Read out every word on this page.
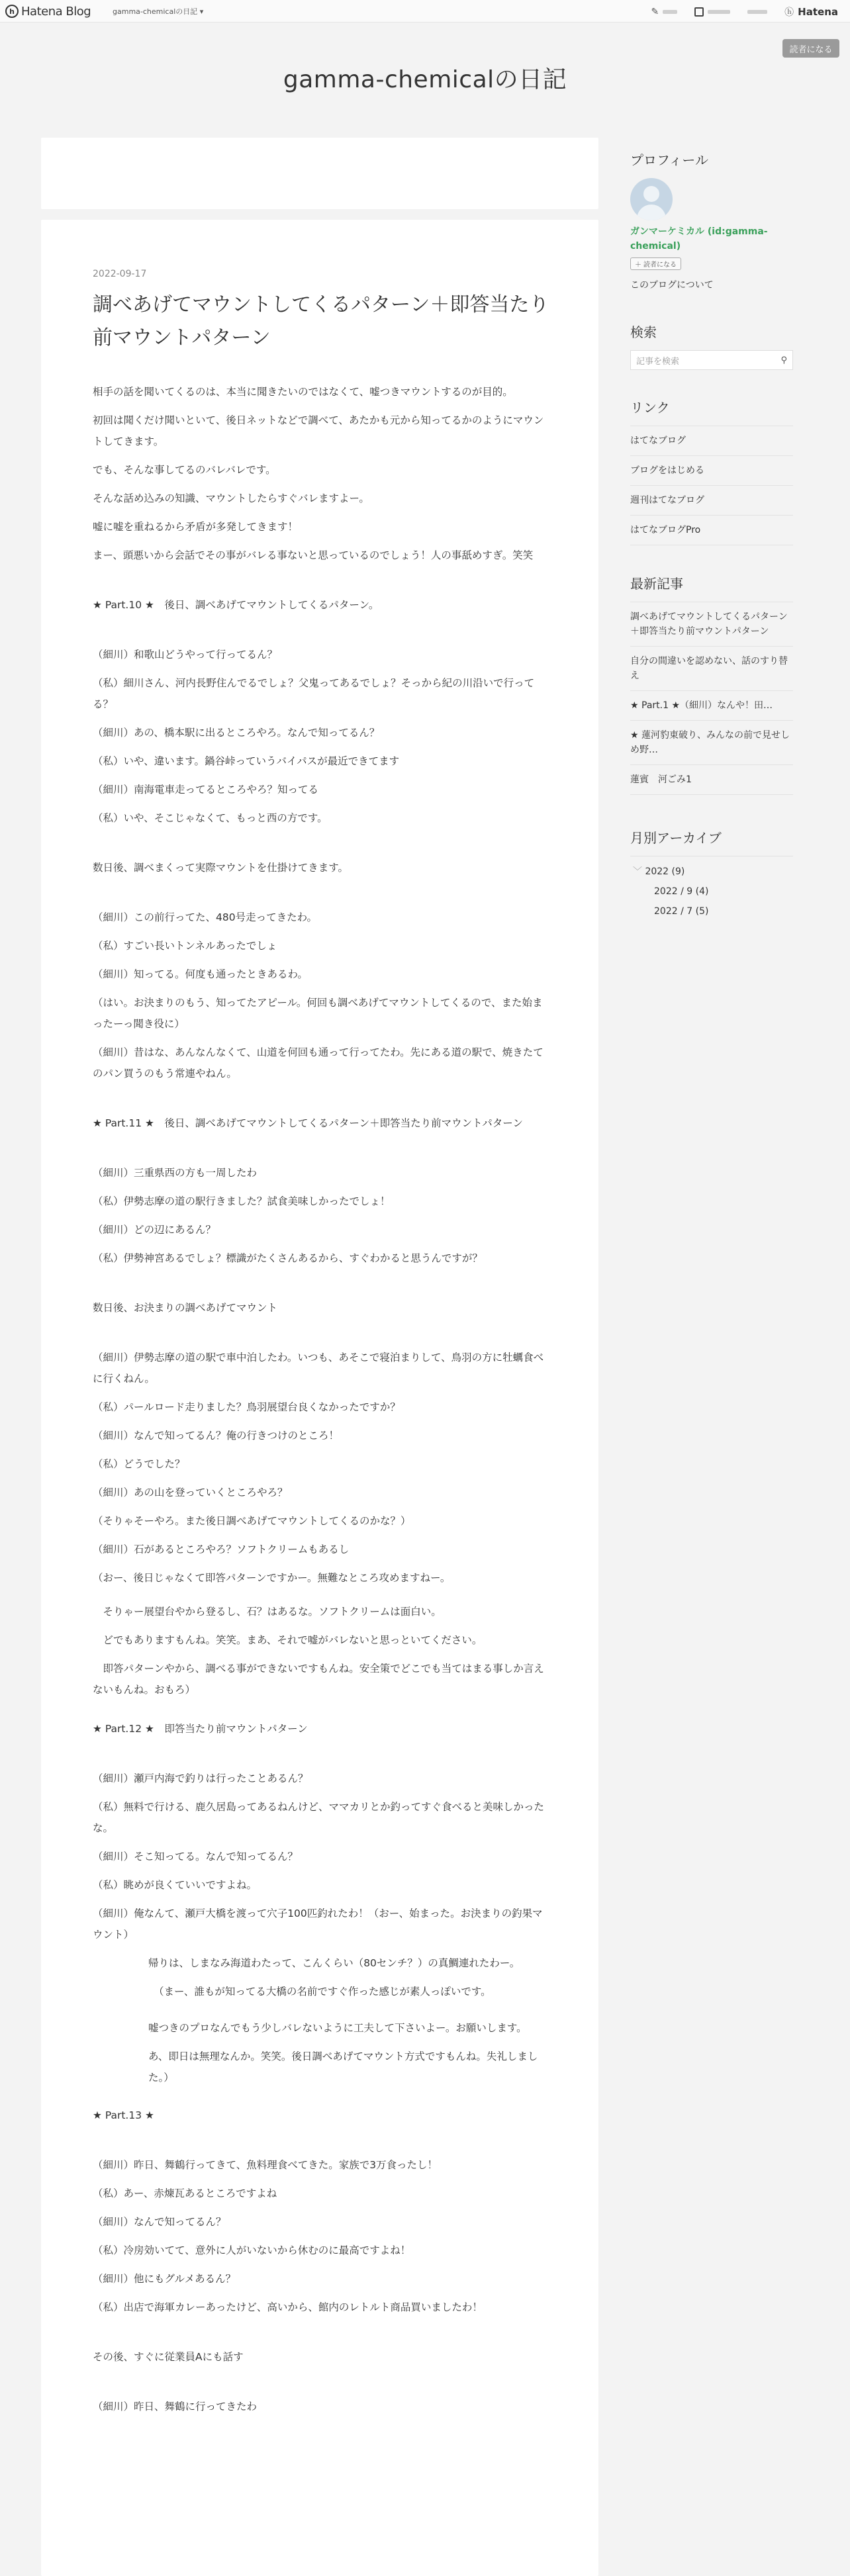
h Hatena Blog	gamma-chemicalの日記 ▾	✎	ⓗ Hatena
読者になる
gamma-chemicalの日記
2022-09-17
調べあげてマウントしてくるパターン＋即答当たり前マウントパターン

相手の話を聞いてくるのは、本当に聞きたいのではなくて、嘘つきマウントするのが目的。

初回は聞くだけ聞いといて、後日ネットなどで調べて、あたかも元から知ってるかのようにマウントしてきます。

でも、そんな事してるのバレバレです。

そんな話め込みの知識、マウントしたらすぐバレますよー。

嘘に嘘を重ねるから矛盾が多発してきます！

まー、頭悪いから会話でその事がバレる事ないと思っているのでしょう！人の事舐めすぎ。笑笑

★ Part.10 ★　後日、調べあげてマウントしてくるパターン。

（細川）和歌山どうやって行ってるん？

（私）細川さん、河内長野住んでるでしょ？父鬼ってあるでしょ？そっから紀の川沿いで行ってる？

（細川）あの、橋本駅に出るところやろ。なんで知ってるん？

（私）いや、違います。鍋谷峠っていうバイパスが最近できてます

（細川）南海電車走ってるところやろ？知ってる

（私）いや、そこじゃなくて、もっと西の方です。

数日後、調べまくって実際マウントを仕掛けてきます。

（細川）この前行ってた、480号走ってきたわ。

（私）すごい長いトンネルあったでしょ

（細川）知ってる。何度も通ったときあるわ。

（はい。お決まりのもう、知ってたアピール。何回も調べあげてマウントしてくるので、また始まったーっ聞き役に）

（細川）昔はな、あんなんなくて、山道を何回も通って行ってたわ。先にある道の駅で、焼きたてのパン買うのもう常連やねん。

★ Part.11 ★　後日、調べあげてマウントしてくるパターン＋即答当たり前マウントパターン

（細川）三重県西の方も一周したわ

（私）伊勢志摩の道の駅行きました？試食美味しかったでしょ！

（細川）どの辺にあるん？

（私）伊勢神宮あるでしょ？標識がたくさんあるから、すぐわかると思うんですが？

数日後、お決まりの調べあげてマウント

（細川）伊勢志摩の道の駅で車中泊したわ。いつも、あそこで寝泊まりして、鳥羽の方に牡蠣食べに行くねん。

（私）パールロード走りました？鳥羽展望台良くなかったですか？

（細川）なんで知ってるん？俺の行きつけのところ！

（私）どうでした？

（細川）あの山を登っていくところやろ？

（そりゃそーやろ。また後日調べあげてマウントしてくるのかな？）

（細川）石があるところやろ？ソフトクリームもあるし

（おー、後日じゃなくて即答パターンですかー。無難なところ攻めますねー。

　そりゃー展望台やから登るし、石？はあるな。ソフトクリームは面白い。

　どでもありますもんね。笑笑。まあ、それで嘘がバレないと思っといてください。

　即答パターンやから、調べる事ができないですもんね。安全策でどこでも当てはまる事しか言えないもんね。おもろ）

★ Part.12 ★　即答当たり前マウントパターン

（細川）瀬戸内海で釣りは行ったことあるん？

（私）無料で行ける、鹿久居島ってあるねんけど、ママカリとか釣ってすぐ食べると美味しかったな。

（細川）そこ知ってる。なんで知ってるん？

（私）眺めが良くていいですよね。

（細川）俺なんて、瀬戸大橋を渡って穴子100匹釣れたわ！（おー、始まった。お決まりの釣果マウント）

帰りは、しまなみ海道わたって、こんくらい（80センチ？）の真鯛連れたわー。

（まー、誰もが知ってる大橋の名前ですぐ作った感じが素人っぽいです。

嘘つきのプロなんでもう少しバレないように工夫して下さいよー。お願いします。

あ、即日は無理なんか。笑笑。後日調べあげてマウント方式ですもんね。失礼しました。）

★ Part.13 ★

（細川）昨日、舞鶴行ってきて、魚料理食べてきた。家族で3万食ったし！

（私）あー、赤煉瓦あるところですよね

（細川）なんで知ってるん？

（私）冷房効いてて、意外に人がいないから休むのに最高ですよね！

（細川）他にもグルメあるん？

（私）出店で海軍カレーあったけど、高いから、館内のレトルト商品買いましたわ！

その後、すぐに従業員Aにも話す

（細川）昨日、舞鶴に行ってきたわ

プロフィール
ガンマーケミカル (id:gamma-chemical)
＋ 読者になる
このブログについて
検索
記事を検索	⚲
リンク
はてなブログ
ブログをはじめる
週刊はてなブログ
はてなブログPro
最新記事
調べあげてマウントしてくるパターン＋即答当たり前マウントパターン
自分の間違いを認めない、話のすり替え
★ Part.1 ★（細川）なんや！田…
★ 蓮河豹東破り、みんなの前で見せしめ野…
蓮賓　河ごみ1
月別アーカイブ
﹀ 2022 (9)
2022 / 9 (4)
2022 / 7 (5)
